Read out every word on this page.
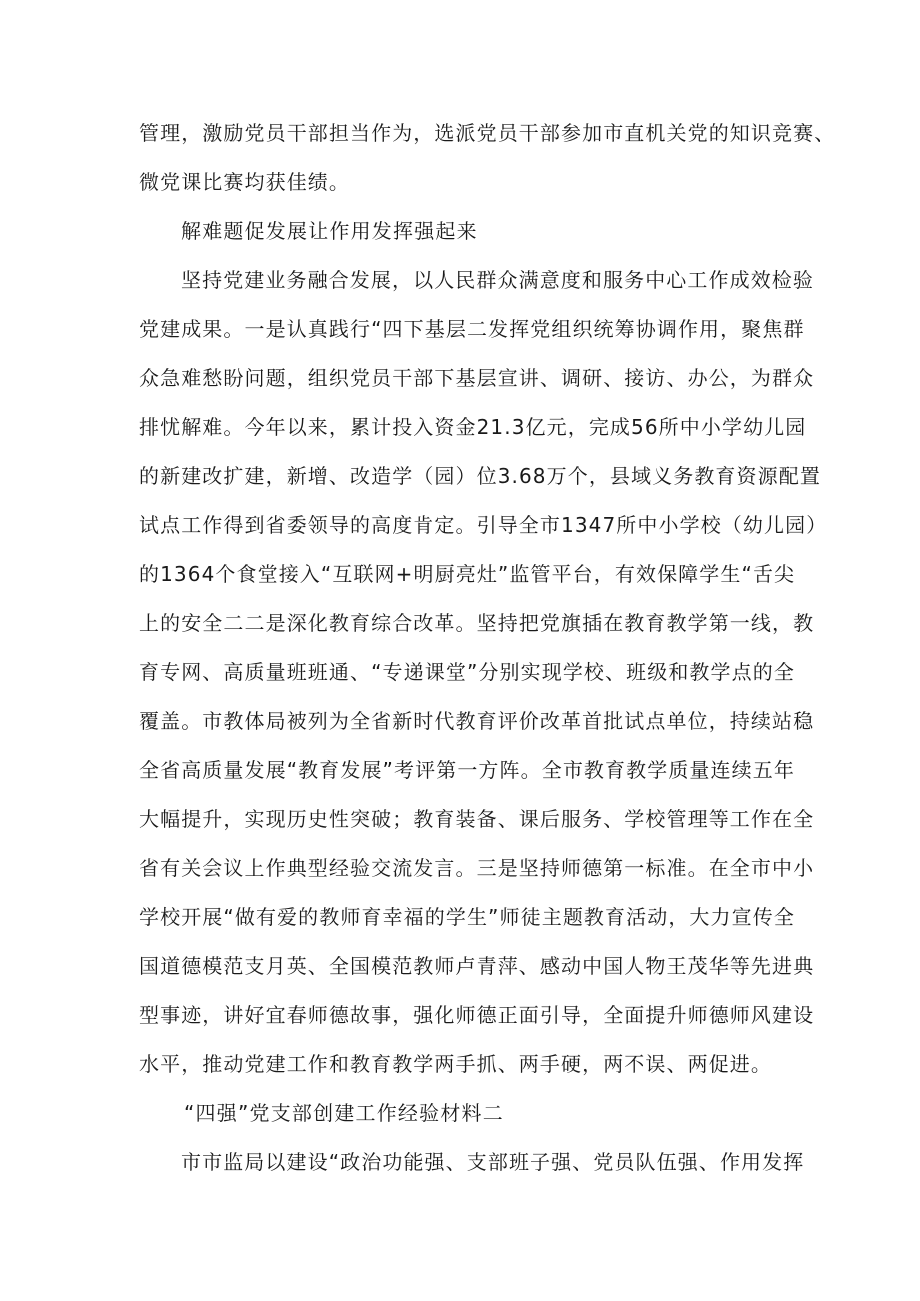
管理，激励党员干部担当作为，选派党员干部参加市直机关党的知识竞赛、
微党课比赛均获佳绩。
解难题促发展让作用发挥强起来
坚持党建业务融合发展，以人民群众满意度和服务中心工作成效检验
党建成果。一是认真践行“四下基层二发挥党组织统筹协调作用，聚焦群
众急难愁盼问题，组织党员干部下基层宣讲、调研、接访、办公，为群众
排忧解难。今年以来，累计投入资金21.3亿元，完成56所中小学幼儿园
的新建改扩建，新增、改造学（园）位3.68万个，县域义务教育资源配置
试点工作得到省委领导的高度肯定。引导全市1347所中小学校（幼儿园）
的1364个食堂接入“互联网+明厨亮灶”监管平台，有效保障学生“舌尖
上的安全二二是深化教育综合改革。坚持把党旗插在教育教学第一线，教
育专网、高质量班班通、“专递课堂”分别实现学校、班级和教学点的全
覆盖。市教体局被列为全省新时代教育评价改革首批试点单位，持续站稳
全省高质量发展“教育发展”考评第一方阵。全市教育教学质量连续五年
大幅提升，实现历史性突破；教育装备、课后服务、学校管理等工作在全
省有关会议上作典型经验交流发言。三是坚持师德第一标准。在全市中小
学校开展“做有爱的教师育幸福的学生”师徒主题教育活动，大力宣传全
国道德模范支月英、全国模范教师卢青萍、感动中国人物王茂华等先进典
型事迹，讲好宜春师德故事，强化师德正面引导，全面提升师德师风建设
水平，推动党建工作和教育教学两手抓、两手硬，两不误、两促进。
“四强”党支部创建工作经验材料二
市市监局以建设“政治功能强、支部班子强、党员队伍强、作用发挥
